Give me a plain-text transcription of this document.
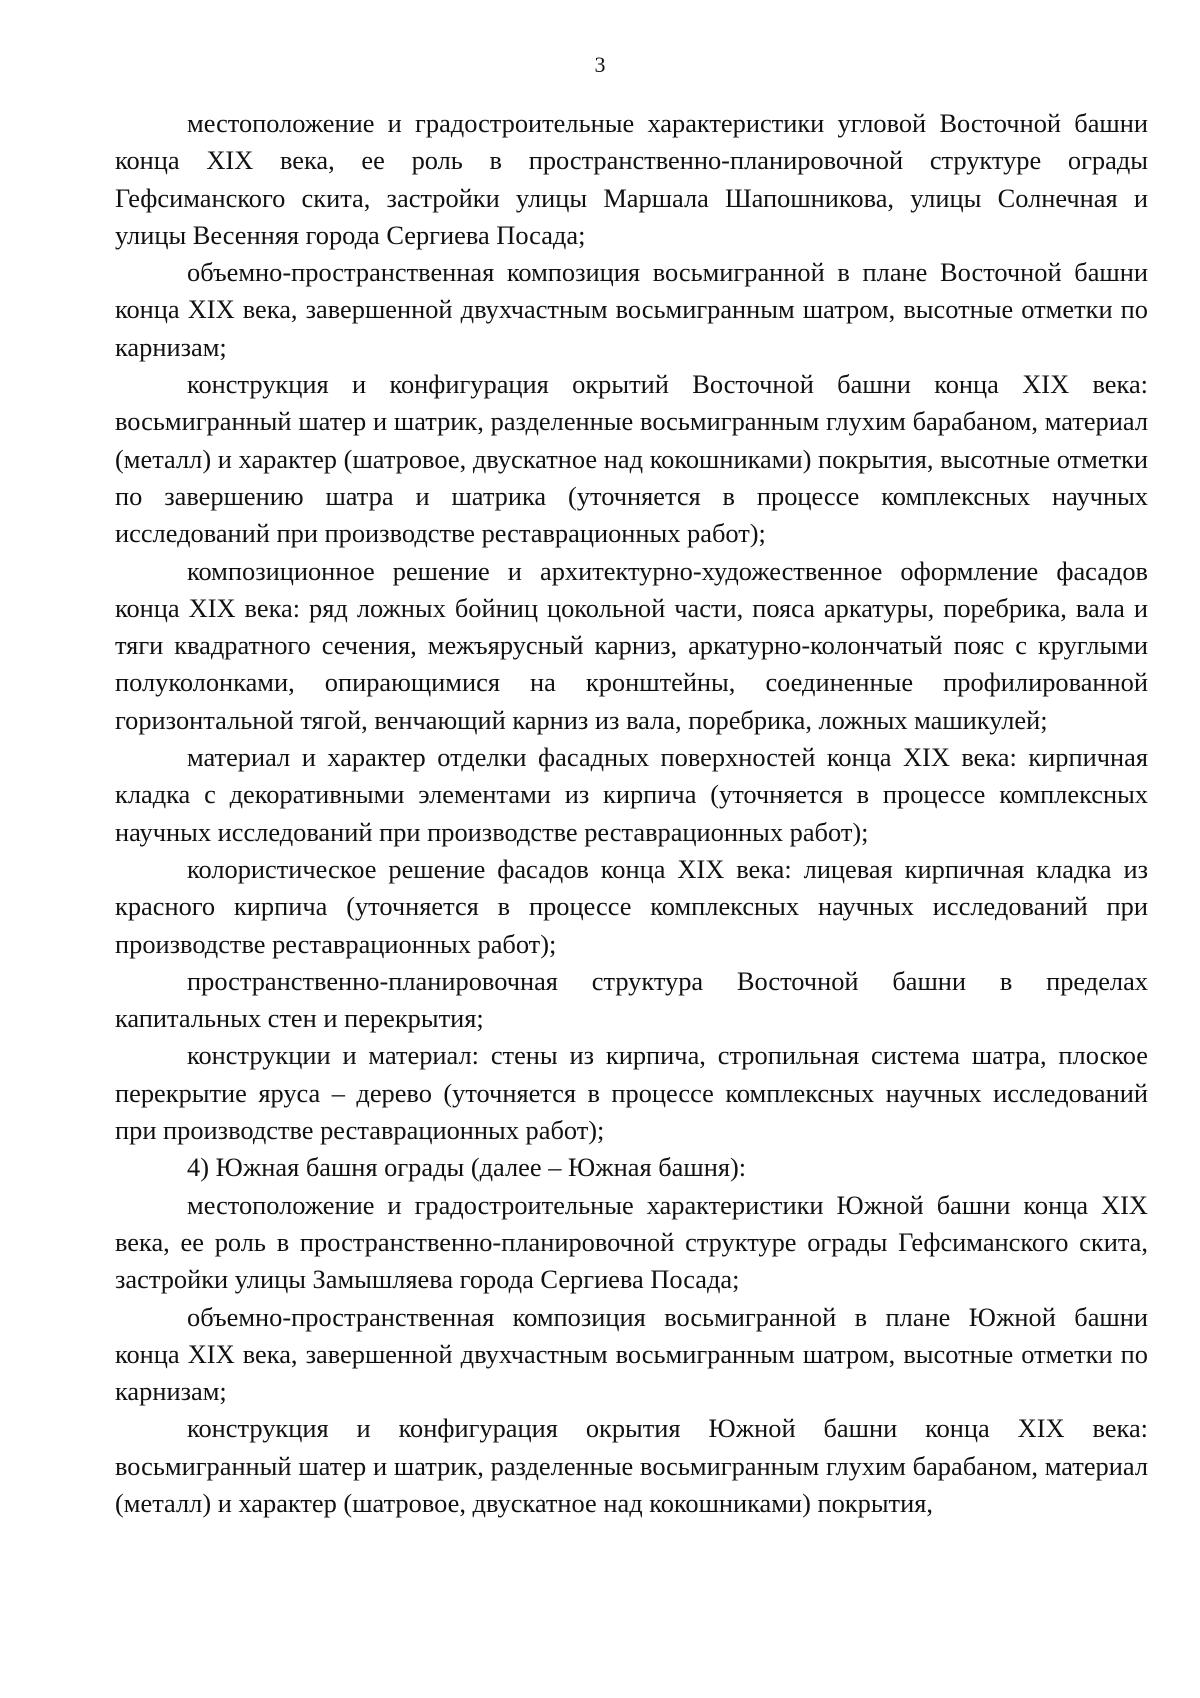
3

местоположение и градостроительные характеристики угловой Восточной башни конца XIX века, ее роль в пространственно-планировочной структуре ограды Гефсиманского скита, застройки улицы Маршала Шапошникова, улицы Солнечная и улицы Весенняя города Сергиева Посада;

объемно-пространственная композиция восьмигранной в плане Восточной башни конца XIX века, завершенной двухчастным восьмигранным шатром, высотные отметки по карнизам;

конструкция и конфигурация окрытий Восточной башни конца XIX века: восьмигранный шатер и шатрик, разделенные восьмигранным глухим барабаном, материал (металл) и характер (шатровое, двускатное над кокошниками) покрытия, высотные отметки по завершению шатра и шатрика (уточняется в процессе комплексных научных исследований при производстве реставрационных работ);

композиционное решение и архитектурно-художественное оформление фасадов конца XIX века: ряд ложных бойниц цокольной части, пояса аркатуры, поребрика, вала и тяги квадратного сечения, межъярусный карниз, аркатурно-колончатый пояс с круглыми полуколонками, опирающимися на кронштейны, соединенные профилированной горизонтальной тягой, венчающий карниз из вала, поребрика, ложных машикулей;

материал и характер отделки фасадных поверхностей конца XIX века: кирпичная кладка с декоративными элементами из кирпича (уточняется в процессе комплексных научных исследований при производстве реставрационных работ);

колористическое решение фасадов конца XIX века: лицевая кирпичная кладка из красного кирпича (уточняется в процессе комплексных научных исследований при производстве реставрационных работ);

пространственно-планировочная структура Восточной башни в пределах капитальных стен и перекрытия;

конструкции и материал: стены из кирпича, стропильная система шатра, плоское перекрытие яруса – дерево (уточняется в процессе комплексных научных исследований при производстве реставрационных работ);

4) Южная башня ограды (далее – Южная башня):

местоположение и градостроительные характеристики Южной башни конца XIX века, ее роль в пространственно-планировочной структуре ограды Гефсиманского скита, застройки улицы Замышляева города Сергиева Посада;

объемно-пространственная композиция восьмигранной в плане Южной башни конца XIX века, завершенной двухчастным восьмигранным шатром, высотные отметки по карнизам;

конструкция и конфигурация окрытия Южной башни конца XIX века: восьмигранный шатер и шатрик, разделенные восьмигранным глухим барабаном, материал (металл) и характер (шатровое, двускатное над кокошниками) покрытия,
